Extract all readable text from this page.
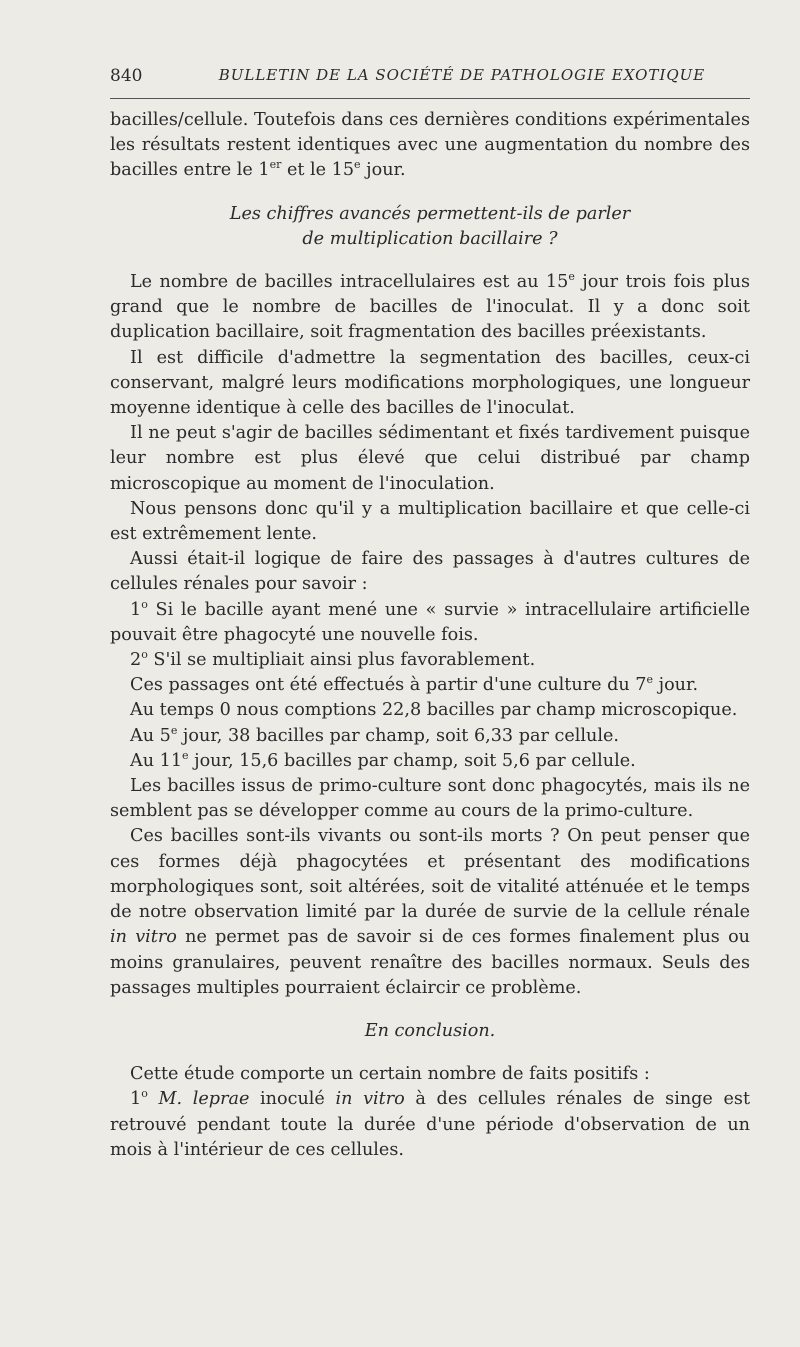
840	BULLETIN DE LA SOCIÉTÉ DE PATHOLOGIE EXOTIQUE

bacilles/cellule. Toutefois dans ces dernières conditions expérimentales les résultats restent identiques avec une augmentation du nombre des bacilles entre le 1er et le 15e jour.

Les chiffres avancés permettent-ils de parler
de multiplication bacillaire ?

Le nombre de bacilles intracellulaires est au 15e jour trois fois plus grand que le nombre de bacilles de l'inoculat. Il y a donc soit duplication bacillaire, soit fragmentation des bacilles préexistants.

Il est difficile d'admettre la segmentation des bacilles, ceux-ci conservant, malgré leurs modifications morphologiques, une longueur moyenne identique à celle des bacilles de l'inoculat.

Il ne peut s'agir de bacilles sédimentant et fixés tardivement puisque leur nombre est plus élevé que celui distribué par champ microscopique au moment de l'inoculation.

Nous pensons donc qu'il y a multiplication bacillaire et que celle-ci est extrêmement lente.

Aussi était-il logique de faire des passages à d'autres cultures de cellules rénales pour savoir :

1$^o$ Si le bacille ayant mené une « survie » intracellulaire artificielle pouvait être phagocyté une nouvelle fois.

2$^o$ S'il se multipliait ainsi plus favorablement.

Ces passages ont été effectués à partir d'une culture du 7e jour.

Au temps 0 nous comptions 22,8 bacilles par champ microscopique.

Au 5e jour, 38 bacilles par champ, soit 6,33 par cellule.

Au 11e jour, 15,6 bacilles par champ, soit 5,6 par cellule.

Les bacilles issus de primo-culture sont donc phagocytés, mais ils ne semblent pas se développer comme au cours de la primo-culture.

Ces bacilles sont-ils vivants ou sont-ils morts ? On peut penser que ces formes déjà phagocytées et présentant des modifications morphologiques sont, soit altérées, soit de vitalité atténuée et le temps de notre observation limité par la durée de survie de la cellule rénale in vitro ne permet pas de savoir si de ces formes finalement plus ou moins granulaires, peuvent renaître des bacilles normaux. Seuls des passages multiples pourraient éclaircir ce problème.

En conclusion.

Cette étude comporte un certain nombre de faits positifs :

1$^o$ M. leprae inoculé in vitro à des cellules rénales de singe est retrouvé pendant toute la durée d'une période d'observation de un mois à l'intérieur de ces cellules.
